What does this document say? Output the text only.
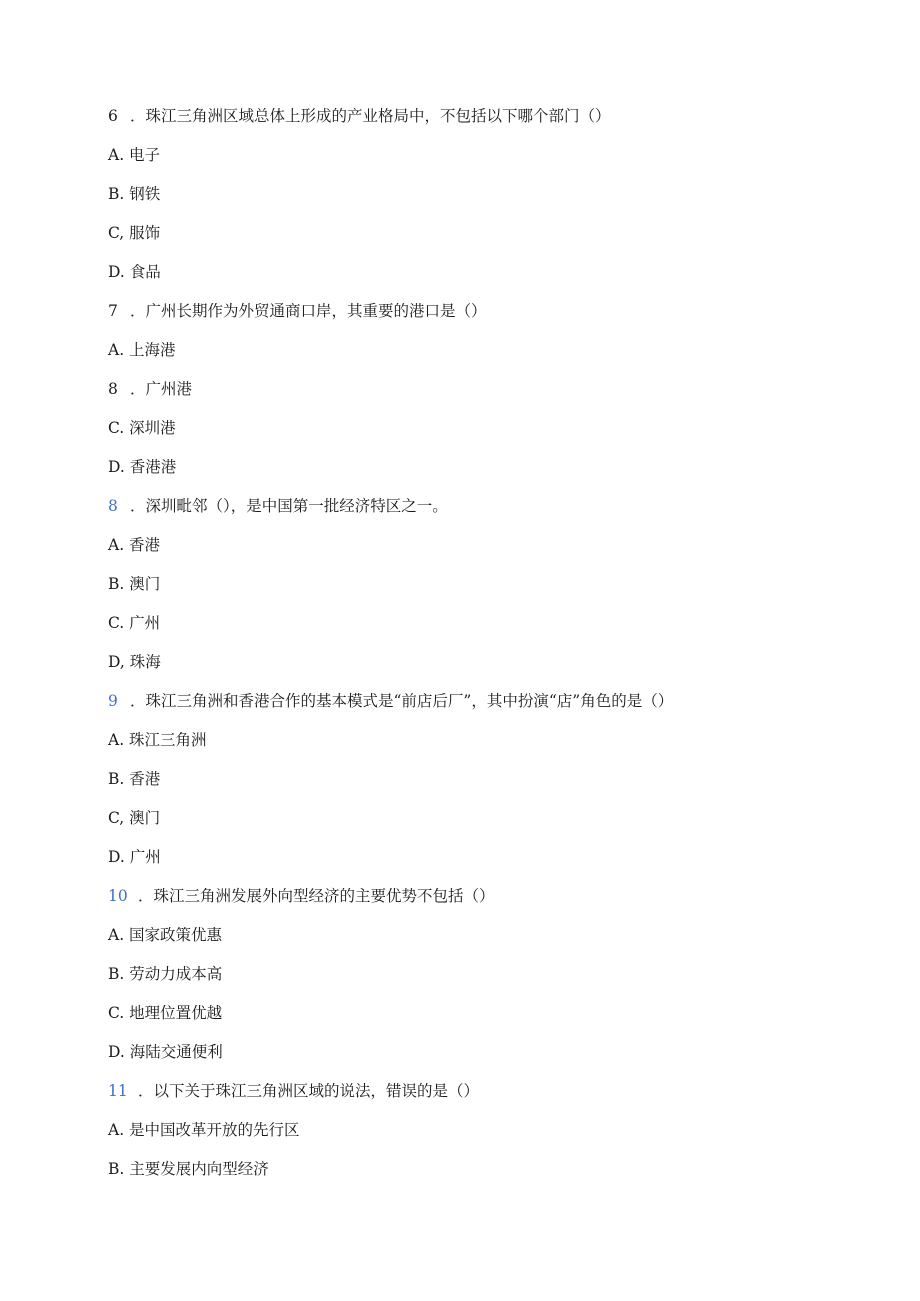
6 ．珠江三角洲区域总体上形成的产业格局中，不包括以下哪个部门（）
A. 电子
B. 钢铁
C, 服饰
D. 食品
7 ．广州长期作为外贸通商口岸，其重要的港口是（）
A. 上海港
8 ．广州港
C. 深圳港
D. 香港港
8 ．深圳毗邻（），是中国第一批经济特区之一。
A. 香港
B. 澳门
C. 广州
D, 珠海
9 ．珠江三角洲和香港合作的基本模式是“前店后厂”，其中扮演“店”角色的是（）
A. 珠江三角洲
B. 香港
C, 澳门
D. 广州
10 ．珠江三角洲发展外向型经济的主要优势不包括（）
A. 国家政策优惠
B. 劳动力成本高
C. 地理位置优越
D. 海陆交通便利
11 ．以下关于珠江三角洲区域的说法，错误的是（）
A. 是中国改革开放的先行区
B. 主要发展内向型经济
